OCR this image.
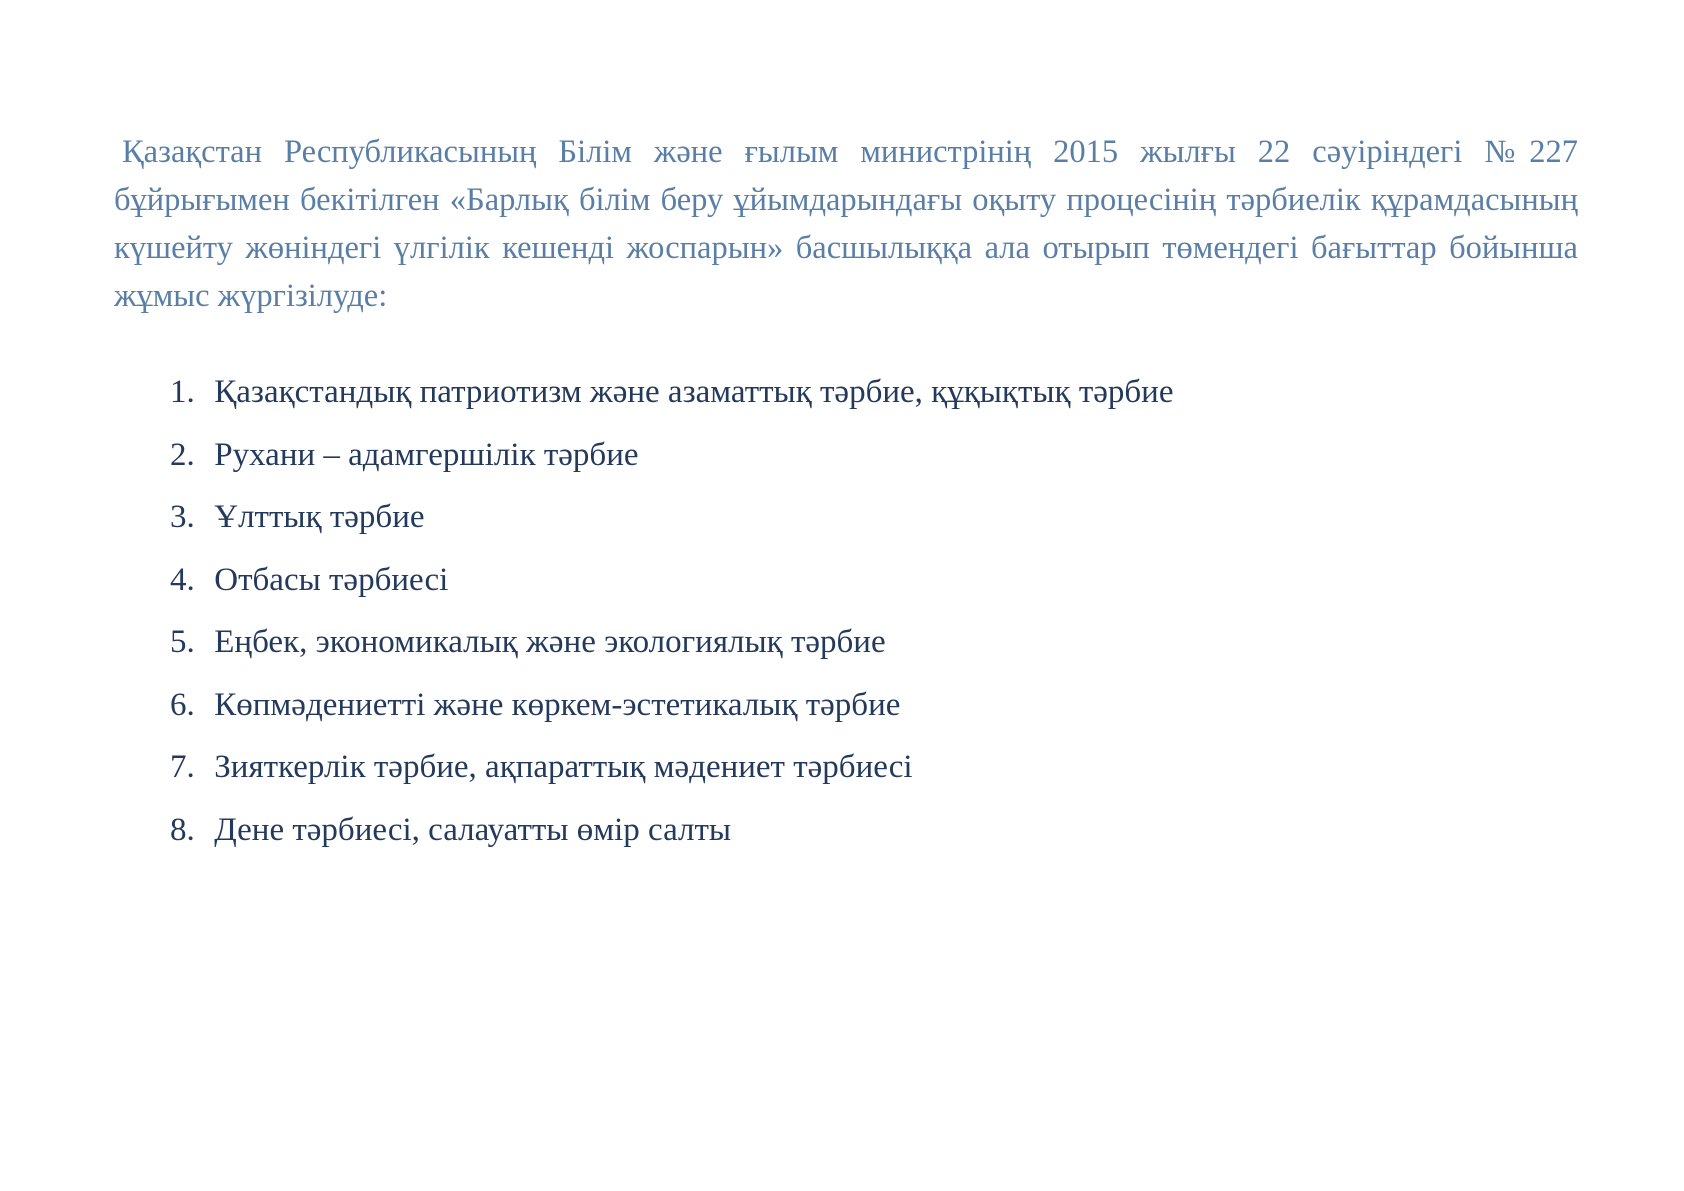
Қазақстан Республикасының Білім және ғылым министрінің 2015 жылғы 22 сәуіріндегі №227 бұйрығымен бекітілген «Барлық білім беру ұйымдарындағы оқыту процесінің тәрбиелік құрамдасының күшейту жөніндегі үлгілік кешенді жоспарын» басшылыққа ала отырып төмендегі бағыттар бойынша жұмыс жүргізілуде:

1. Қазақстандық патриотизм және азаматтық тәрбие, құқықтық тәрбие
2. Рухани – адамгершілік тәрбие
3. Ұлттық тәрбие
4. Отбасы тәрбиесі
5. Еңбек, экономикалық және экологиялық тәрбие
6. Көпмәдениетті және көркем-эстетикалық тәрбие
7. Зияткерлік тәрбие, ақпараттық мәдениет тәрбиесі
8. Дене тәрбиесі, салауатты өмір салты
